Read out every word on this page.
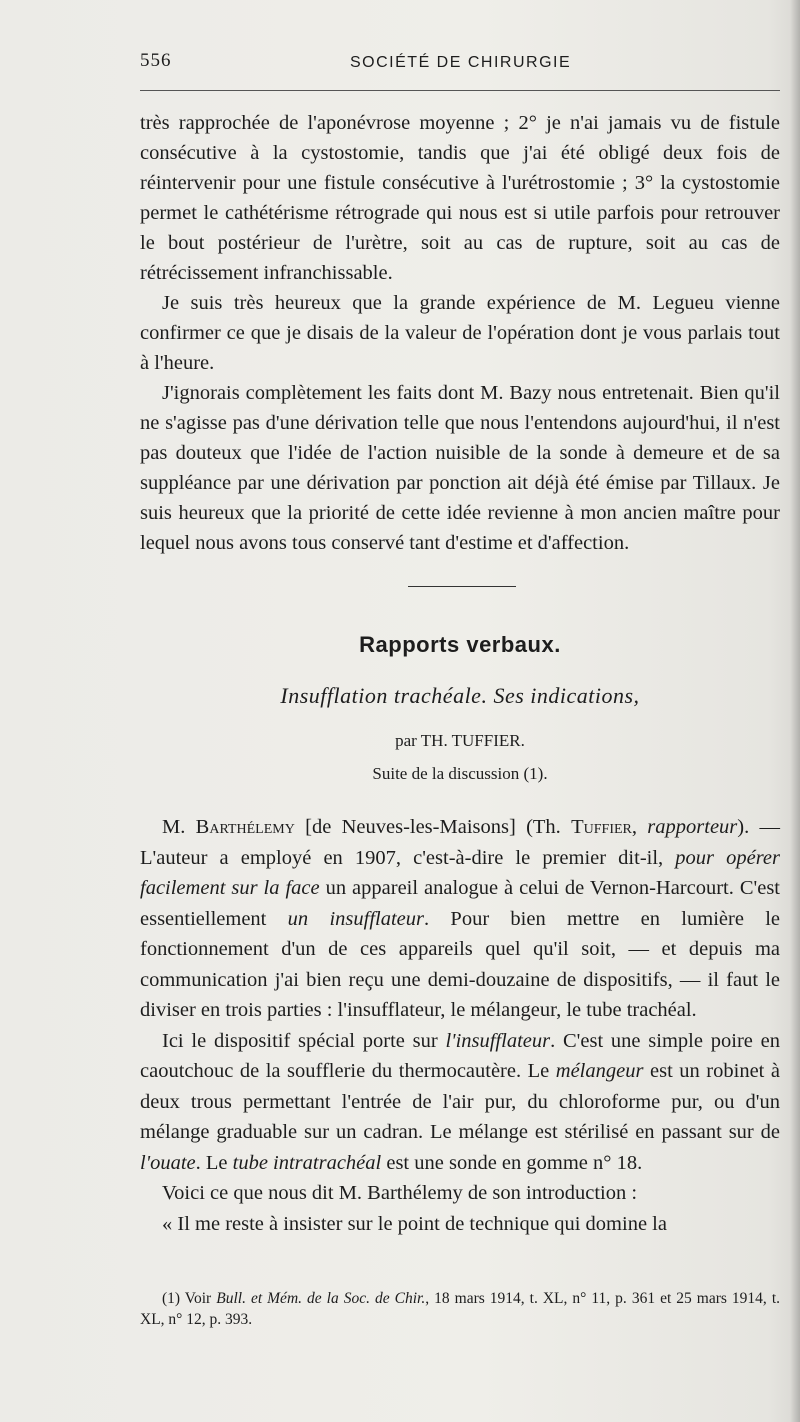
556	SOCIÉTÉ DE CHIRURGIE

très rapprochée de l'aponévrose moyenne ; 2° je n'ai jamais vu de fistule consécutive à la cystostomie, tandis que j'ai été obligé deux fois de réintervenir pour une fistule consécutive à l'urétrostomie ; 3° la cystostomie permet le cathétérisme rétrograde qui nous est si utile parfois pour retrouver le bout postérieur de l'urètre, soit au cas de rupture, soit au cas de rétrécissement infranchissable.

Je suis très heureux que la grande expérience de M. Legueu vienne confirmer ce que je disais de la valeur de l'opération dont je vous parlais tout à l'heure.

J'ignorais complètement les faits dont M. Bazy nous entretenait. Bien qu'il ne s'agisse pas d'une dérivation telle que nous l'entendons aujourd'hui, il n'est pas douteux que l'idée de l'action nuisible de la sonde à demeure et de sa suppléance par une dérivation par ponction ait déjà été émise par Tillaux. Je suis heureux que la priorité de cette idée revienne à mon ancien maître pour lequel nous avons tous conservé tant d'estime et d'affection.

Rapports verbaux.
Insufflation trachéale. Ses indications,
par TH. TUFFIER.
Suite de la discussion (1).

M. Barthélemy [de Neuves-les-Maisons] (Th. Tuffier, rapporteur). — L'auteur a employé en 1907, c'est-à-dire le premier dit-il, pour opérer facilement sur la face un appareil analogue à celui de Vernon-Harcourt. C'est essentiellement un insufflateur. Pour bien mettre en lumière le fonctionnement d'un de ces appareils quel qu'il soit, — et depuis ma communication j'ai bien reçu une demi-douzaine de dispositifs, — il faut le diviser en trois parties : l'insufflateur, le mélangeur, le tube trachéal.

Ici le dispositif spécial porte sur l'insufflateur. C'est une simple poire en caoutchouc de la soufflerie du thermocautère. Le mélangeur est un robinet à deux trous permettant l'entrée de l'air pur, du chloroforme pur, ou d'un mélange graduable sur un cadran. Le mélange est stérilisé en passant sur de l'ouate. Le tube intratrachéal est une sonde en gomme n° 18.

Voici ce que nous dit M. Barthélemy de son introduction :

« Il me reste à insister sur le point de technique qui domine la

(1) Voir Bull. et Mém. de la Soc. de Chir., 18 mars 1914, t. XL, n° 11, p. 361 et 25 mars 1914, t. XL, n° 12, p. 393.
